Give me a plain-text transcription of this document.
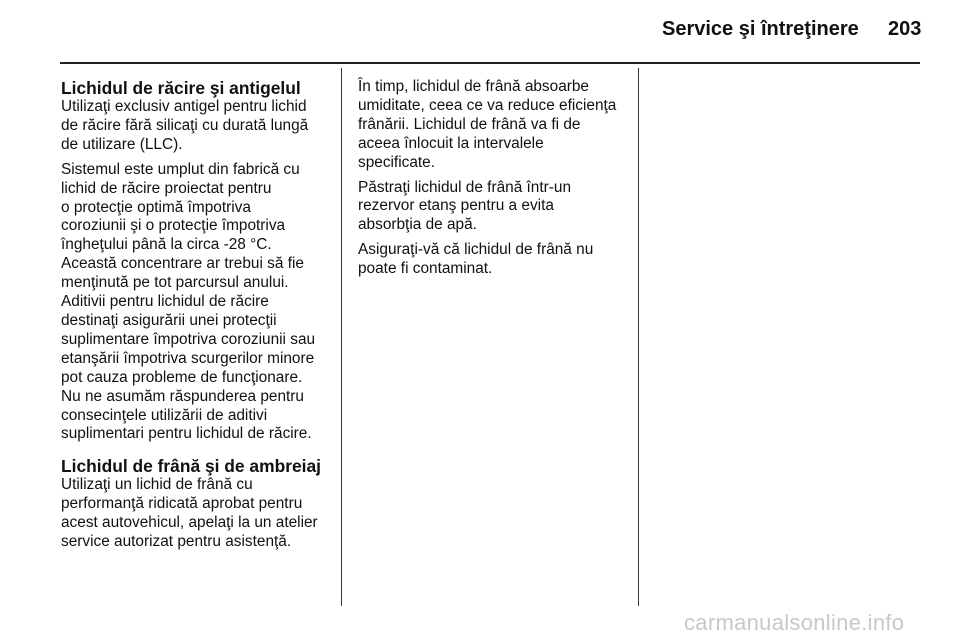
Service şi întreţinere 203
Lichidul de răcire şi antigelul

Utilizaţi exclusiv antigel pentru lichid
de răcire fără silicaţi cu durată lungă
de utilizare (LLC).

Sistemul este umplut din fabrică cu
lichid de răcire proiectat pentru
o protecţie optimă împotriva
coroziunii şi o protecţie împotriva
îngheţului până la circa -28 °C.
Această concentrare ar trebui să fie
menţinută pe tot parcursul anului.
Aditivii pentru lichidul de răcire
destinaţi asigurării unei protecţii
suplimentare împotriva coroziunii sau
etanşării împotriva scurgerilor minore
pot cauza probleme de funcţionare.
Nu ne asumăm răspunderea pentru
consecinţele utilizării de aditivi
suplimentari pentru lichidul de răcire.

Lichidul de frână şi de ambreiaj

Utilizaţi un lichid de frână cu
performanţă ridicată aprobat pentru
acest autovehicul, apelaţi la un atelier
service autorizat pentru asistenţă.

În timp, lichidul de frână absoarbe
umiditate, ceea ce va reduce eficienţa
frânării. Lichidul de frână va fi de
aceea înlocuit la intervalele
specificate.

Păstraţi lichidul de frână într-un
rezervor etanş pentru a evita
absorbţia de apă.

Asiguraţi-vă că lichidul de frână nu
poate fi contaminat.

carmanualsonline.info
